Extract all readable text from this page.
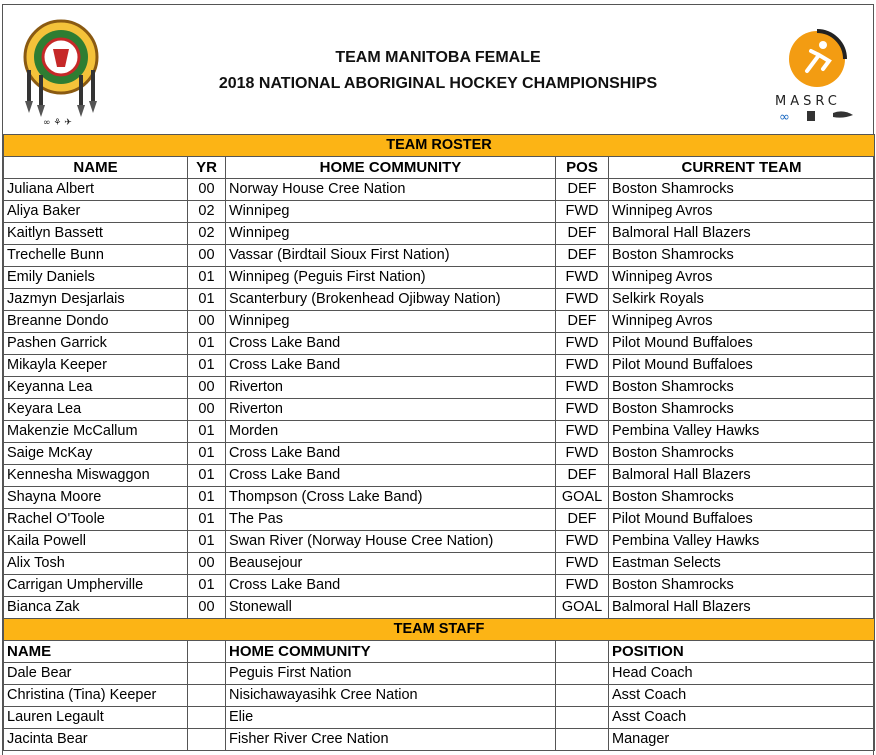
∞ ⚘ ✈
TEAM MANITOBA FEMALE
2018 NATIONAL ABORIGINAL HOCKEY CHAMPIONSHIPS
MASRC
∞
TEAM ROSTER				
NAME	YR	HOME COMMUNITY	POS	CURRENT TEAM
Juliana Albert	00	Norway House Cree Nation	DEF	Boston Shamrocks
Aliya Baker	02	Winnipeg	FWD	Winnipeg Avros
Kaitlyn Bassett	02	Winnipeg	DEF	Balmoral Hall Blazers
Trechelle Bunn	00	Vassar (Birdtail Sioux First Nation)	DEF	Boston Shamrocks
Emily Daniels	01	Winnipeg (Peguis First Nation)	FWD	Winnipeg Avros
Jazmyn Desjarlais	01	Scanterbury (Brokenhead Ojibway Nation)	FWD	Selkirk Royals
Breanne Dondo	00	Winnipeg	DEF	Winnipeg Avros
Pashen Garrick	01	Cross Lake Band	FWD	Pilot Mound Buffaloes
Mikayla Keeper	01	Cross Lake Band	FWD	Pilot Mound Buffaloes
Keyanna Lea	00	Riverton	FWD	Boston Shamrocks
Keyara Lea	00	Riverton	FWD	Boston Shamrocks
Makenzie McCallum	01	Morden	FWD	Pembina Valley Hawks
Saige McKay	01	Cross Lake Band	FWD	Boston Shamrocks
Kennesha Miswaggon	01	Cross Lake Band	DEF	Balmoral Hall Blazers
Shayna Moore	01	Thompson (Cross Lake Band)	GOAL	Boston Shamrocks
Rachel O'Toole	01	The Pas	DEF	Pilot Mound Buffaloes
Kaila Powell	01	Swan River (Norway House Cree Nation)	FWD	Pembina Valley Hawks
Alix Tosh	00	Beausejour	FWD	Eastman Selects
Carrigan Umpherville	01	Cross Lake Band	FWD	Boston Shamrocks
Bianca Zak	00	Stonewall	GOAL	Balmoral Hall Blazers
TEAM STAFF				
NAME		HOME COMMUNITY		POSITION
Dale Bear		Peguis First Nation		Head Coach
Christina (Tina) Keeper		Nisichawayasihk Cree Nation		Asst Coach
Lauren Legault		Elie		Asst Coach
Jacinta Bear		Fisher River Cree Nation		Manager
